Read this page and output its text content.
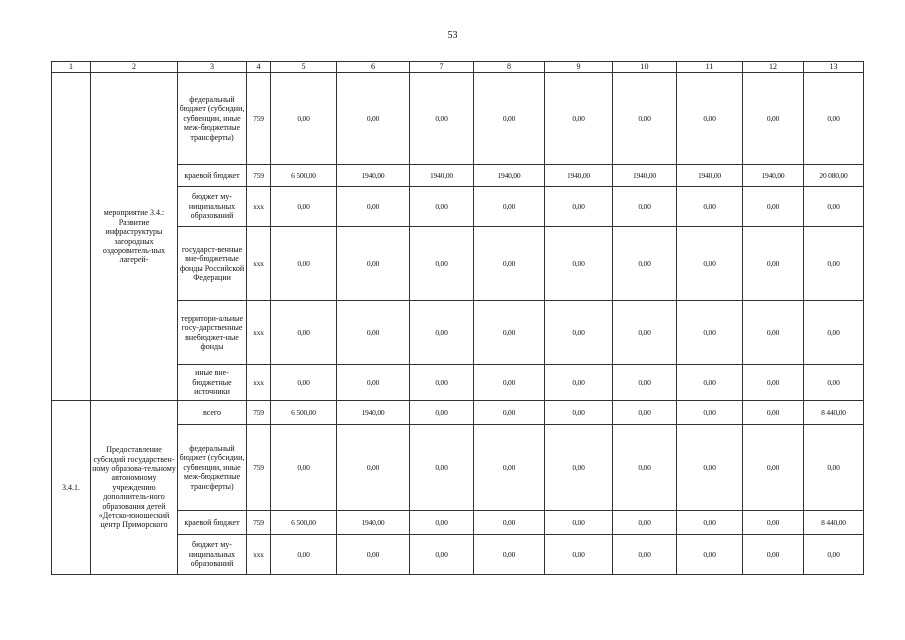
53
1	2	3	4	5	6	7	8	9	10	11	12	13
	мероприятие 3.4.: Развитие инфраструктуры загородных оздоровитель-ных лагерей-	федеральный бюджет (субсидии, субвенции, иные меж-бюджетные трансферты)	759	0,00	0,00	0,00	0,00	0,00	0,00	0,00	0,00	0,00
		краевой бюджет	759	6 500,00	1940,00	1940,00	1940,00	1940,00	1940,00	1940,00	1940,00	20 080,00
		бюджет му-ниципальных образований	ххх	0,00	0,00	0,00	0,00	0,00	0,00	0,00	0,00	0,00
		государст-венные вне-бюджетные фонды Российской Федерации	ххх	0,00	0,00	0,00	0,00	0,00	0,00	0,00	0,00	0,00
		территори-альные госу-дарственные внебюджет-ные фонды	ххх	0,00	0,00	0,00	0,00	0,00	0,00	0,00	0,00	0,00
		иные вне-бюджетные источники	ххх	0,00	0,00	0,00	0,00	0,00	0,00	0,00	0,00	0,00
3.4.1.	Предоставление субсидий государствен-ному образова-тельному автономному учреждению дополнитель-ного образования детей «Детско-юношеский центр Приморского	всего	759	6 500,00	1940,00	0,00	0,00	0,00	0,00	0,00	0,00	8 440,00
		федеральный бюджет (субсидии, субвенции, иные меж-бюджетные трансферты)	759	0,00	0,00	0,00	0,00	0,00	0,00	0,00	0,00	0,00
		краевой бюджет	759	6 500,00	1940,00	0,00	0,00	0,00	0,00	0,00	0,00	8 440,00
		бюджет му-ниципальных образований	ххх	0,00	0,00	0,00	0,00	0,00	0,00	0,00	0,00	0,00
